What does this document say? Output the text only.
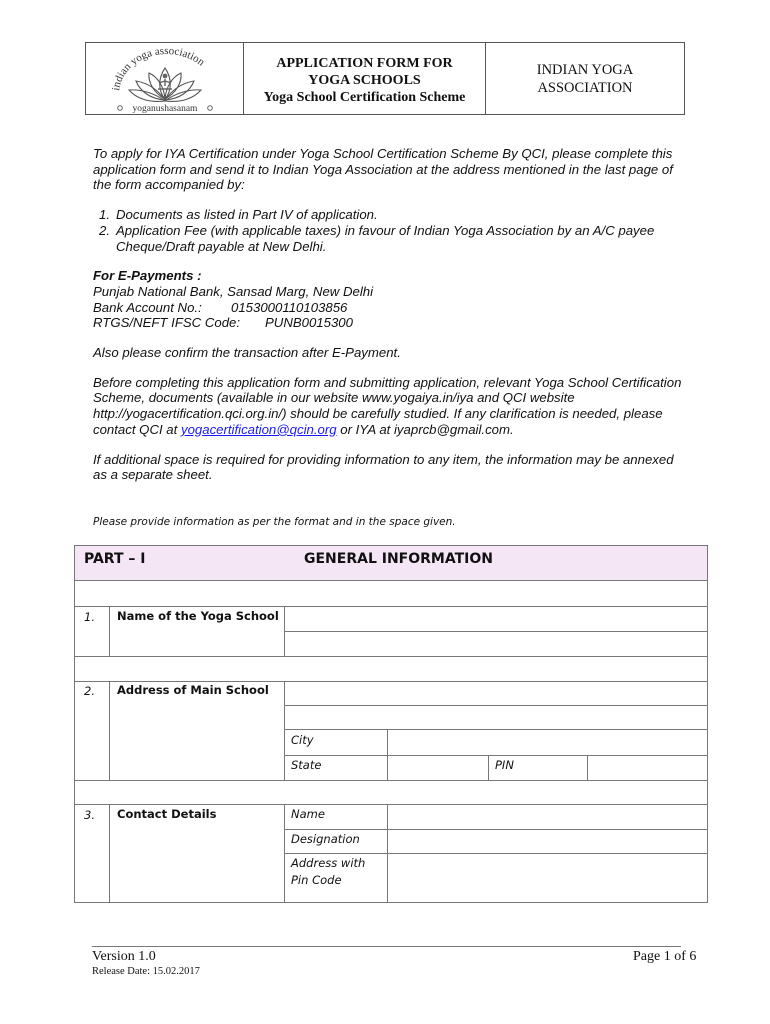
indian yoga association
yoganushasanam
APPLICATION FORM FOR
YOGA SCHOOLS
Yoga School Certification Scheme
INDIAN YOGA
ASSOCIATION

To apply for IYA Certification under Yoga School Certification Scheme By QCI, please complete this application form and send it to Indian Yoga Association at the address mentioned in the last page of the form accompanied by:

1. Documents as listed in Part IV of application.
2. Application Fee (with applicable taxes) in favour of Indian Yoga Association by an A/C payee Cheque/Draft payable at New Delhi.
For E-Payments :
Punjab National Bank, Sansad Marg, New Delhi
Bank Account No.:	0153000110103856
RTGS/NEFT IFSC Code:	PUNB0015300

Also please confirm the transaction after E-Payment.

Before completing this application form and submitting application, relevant Yoga School Certification Scheme, documents (available in our website www.yogaiya.in/iya and QCI website http://yogacertification.qci.org.in/) should be carefully studied. If any clarification is needed, please contact QCI at yogacertification@qcin.org or IYA at iyaprcb@gmail.com.

If additional space is required for providing information to any item, the information may be annexed as a separate sheet.

Please provide information as per the format and in the space given.
PART – I	GENERAL INFORMATION
1. Name of the Yoga School
2. Address of Main School
City
State	PIN
3. Contact Details	Name
Designation
Address with
Pin Code
Version 1.0
Release Date: 15.02.2017
Page 1 of 6
